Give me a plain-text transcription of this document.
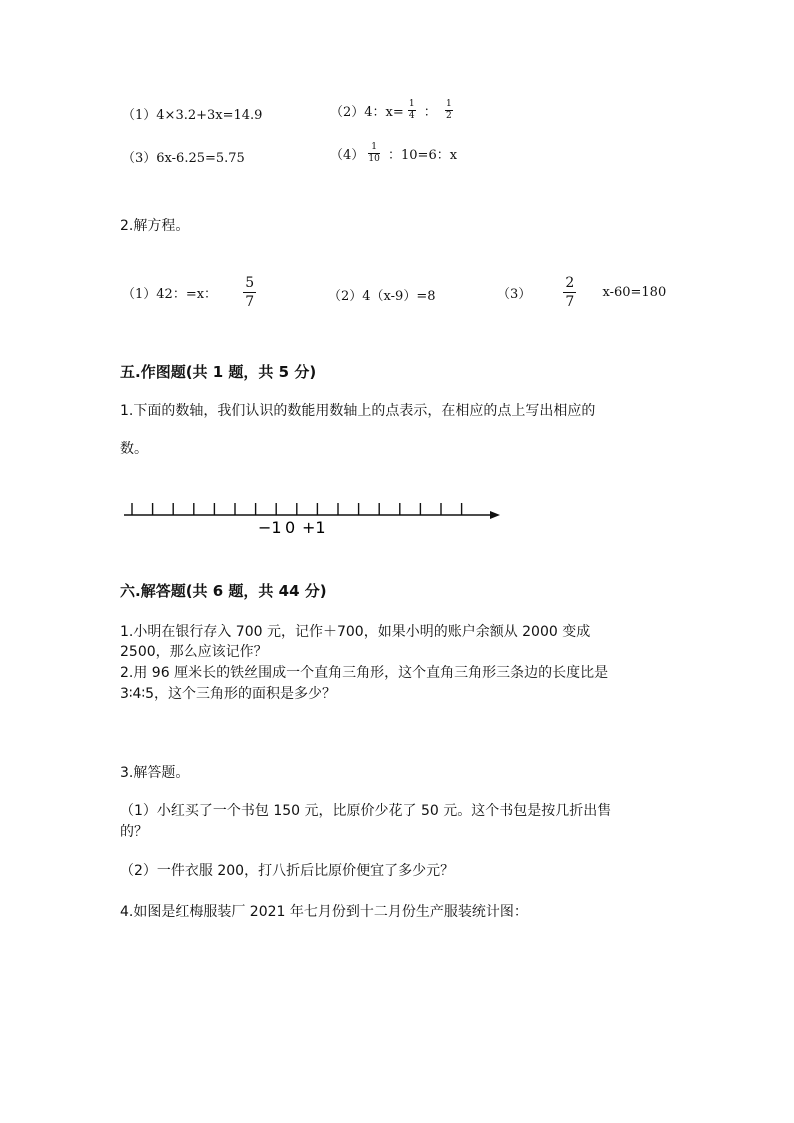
（1）4×3.2+3x=14.9	（2）4：$x= \frac{1}{4}$ ： $\frac{1}{2}$
（3）6x-6.25=5.75	$(4) \frac{1}{10}$ ：10=6：x
2.解方程。
（1）42：=x： $\frac{5}{7}$	（2）4（x-9）=8	$(3) \frac{2}{7} x-60=180$
五.作图题(共 1 题，共 5 分)
1.下面的数轴，我们认识的数能用数轴上的点表示，在相应的点上写出相应的
数。
−1 0 +1
六.解答题(共 6 题，共 44 分)
1.小明在银行存入 700 元，记作＋700，如果小明的账户余额从 2000 变成
2500，那么应该记作？
2.用 96 厘米长的铁丝围成一个直角三角形，这个直角三角形三条边的长度比是
3∶4∶5，这个三角形的面积是多少？
3.解答题。
（1）小红买了一个书包 150 元，比原价少花了 50 元。这个书包是按几折出售
的？
（2）一件衣服 200，打八折后比原价便宜了多少元？
4.如图是红梅服装厂 2021 年七月份到十二月份生产服装统计图：
